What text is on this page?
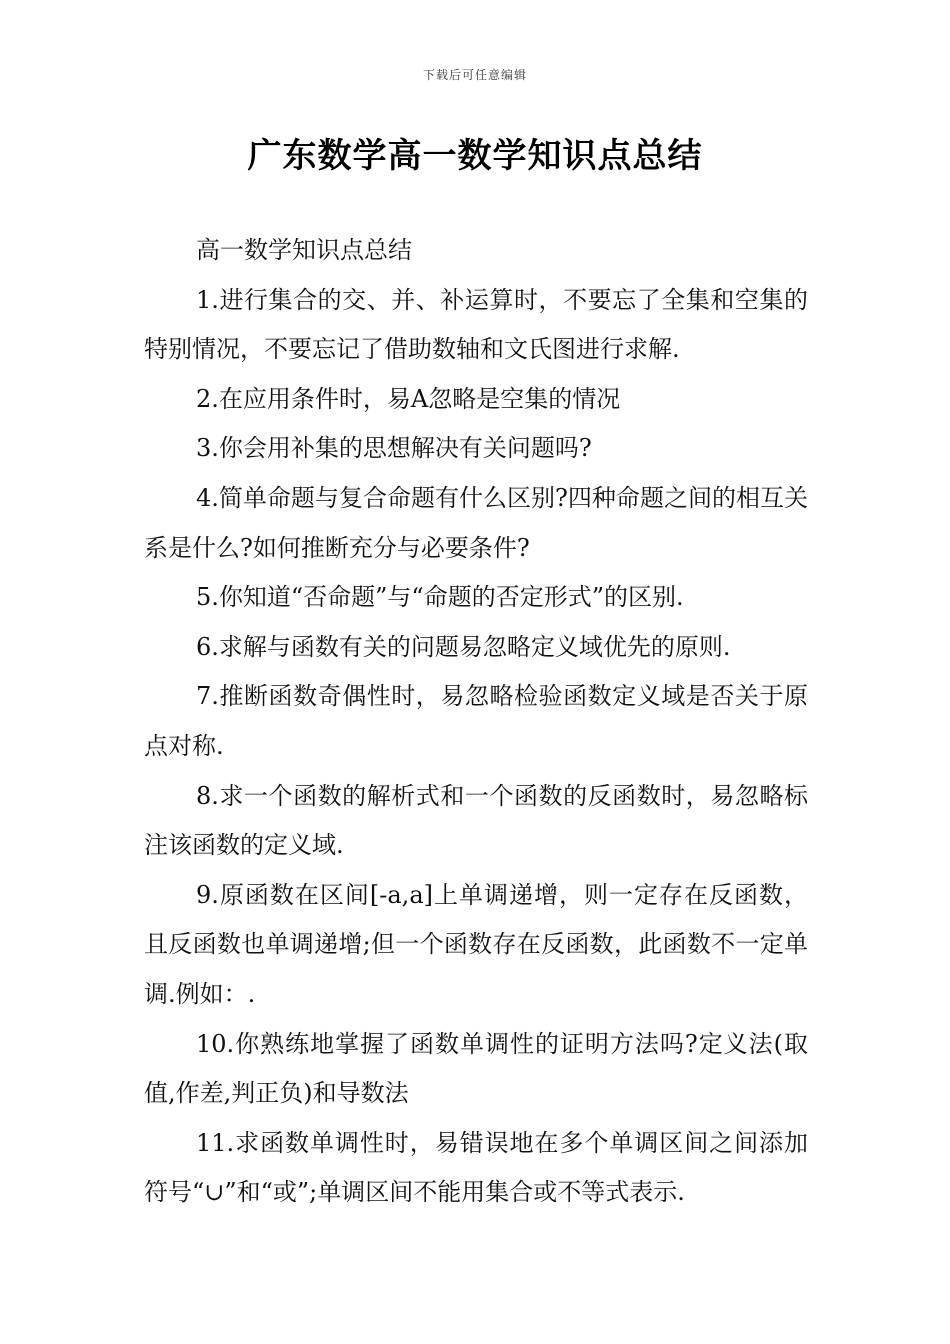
下载后可任意编辑
广东数学高一数学知识点总结

高一数学知识点总结

1.进行集合的交、并、补运算时，不要忘了全集和空集的特别情况，不要忘记了借助数轴和文氏图进行求解.

2.在应用条件时，易A忽略是空集的情况

3.你会用补集的思想解决有关问题吗?

4.简单命题与复合命题有什么区别?四种命题之间的相互关系是什么?如何推断充分与必要条件?

5.你知道“否命题”与“命题的否定形式”的区别.

6.求解与函数有关的问题易忽略定义域优先的原则.

7.推断函数奇偶性时，易忽略检验函数定义域是否关于原点对称.

8.求一个函数的解析式和一个函数的反函数时，易忽略标注该函数的定义域.

9.原函数在区间[-a,a]上单调递增，则一定存在反函数，且反函数也单调递增;但一个函数存在反函数，此函数不一定单调.例如：.

10.你熟练地掌握了函数单调性的证明方法吗?定义法(取值,作差,判正负)和导数法

11.求函数单调性时，易错误地在多个单调区间之间添加符号“∪”和“或”;单调区间不能用集合或不等式表示.
